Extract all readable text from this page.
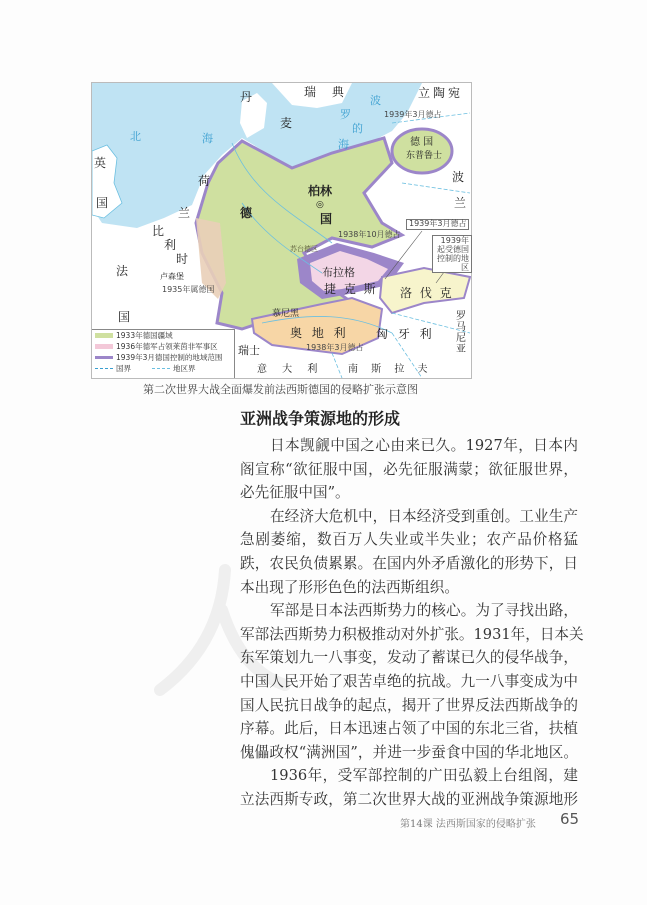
瑞 典
丹
麦
北	海
波
罗
的
海
立陶宛
1939年3月德占
德 国
东普鲁士
英
国
荷
兰
比
利
时
法
国
卢森堡
1935年属德国
柏林
◎
德	国
1938年10月德占
苏台德区
1939年3月德占
1939年起受德国控制的地区
布拉格
捷 克 斯 洛 伐 克
波
兰
慕尼黑
奥 地 利
1938年3月德占
瑞士
意 大 利 南 斯 拉 夫
匈 牙 利
罗马尼亚
1933年德国疆域
1936年德军占领莱茵非军事区
1939年3月德国控制的地域范围
国界	地区界
第二次世界大战全面爆发前法西斯德国的侵略扩张示意图
亚洲战争策源地的形成
日本觊觎中国之心由来已久。1927年，日本内
阁宣称“欲征服中国，必先征服满蒙；欲征服世界，
必先征服中国”。
在经济大危机中，日本经济受到重创。工业生产
急剧萎缩，数百万人失业或半失业；农产品价格猛
跌，农民负债累累。在国内外矛盾激化的形势下，日
本出现了形形色色的法西斯组织。
军部是日本法西斯势力的核心。为了寻找出路，
军部法西斯势力积极推动对外扩张。1931年，日本关
东军策划九一八事变，发动了蓄谋已久的侵华战争，
中国人民开始了艰苦卓绝的抗战。九一八事变成为中
国人民抗日战争的起点，揭开了世界反法西斯战争的
序幕。此后，日本迅速占领了中国的东北三省，扶植
傀儡政权“满洲国”，并进一步蚕食中国的华北地区。
1936年，受军部控制的广田弘毅上台组阁，建
立法西斯专政，第二次世界大战的亚洲战争策源地形
第14课 法西斯国家的侵略扩张 65
